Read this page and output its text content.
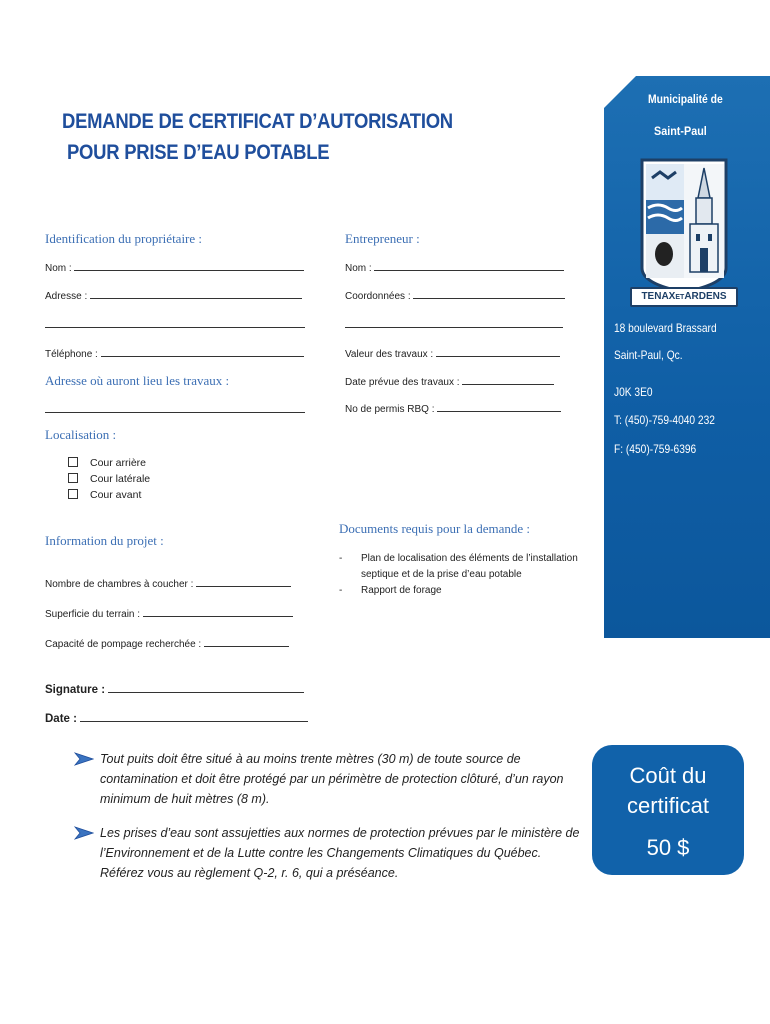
DEMANDE DE CERTIFICAT D’AUTORISATION
POUR PRISE D’EAU POTABLE
Identification du propriétaire :
Nom :
Adresse :
Téléphone :
Adresse où auront lieu les travaux :
Localisation :
Cour arrière
Cour latérale
Cour avant
Information du projet :
Nombre de chambres à coucher :
Superficie du terrain :
Capacité de pompage recherchée :
Entrepreneur :
Nom :
Coordonnées :
Valeur des travaux :
Date prévue des travaux :
No de permis RBQ :
Documents requis pour la demande :
- Plan de localisation des éléments de l’installation septique et de la prise d’eau potable
- Rapport de forage
Signature :
Date :
Tout puits doit être situé à au moins trente mètres (30 m) de toute source de contamination et doit être protégé par un périmètre de protection clôturé, d’un rayon minimum de huit mètres (8 m).
Les prises d’eau sont assujetties aux normes de protection prévues par le ministère de l’Environnement et de la Lutte contre les Changements Climatiques du Québec. Référez vous au règlement Q-2, r. 6, qui a préséance.
Municipalité de
Saint-Paul
TENAXETARDENS
18 boulevard Brassard
Saint-Paul, Qc.
J0K 3E0
T: (450)-759-4040 232
F: (450)-759-6396
Coût du
certificat
50 $
